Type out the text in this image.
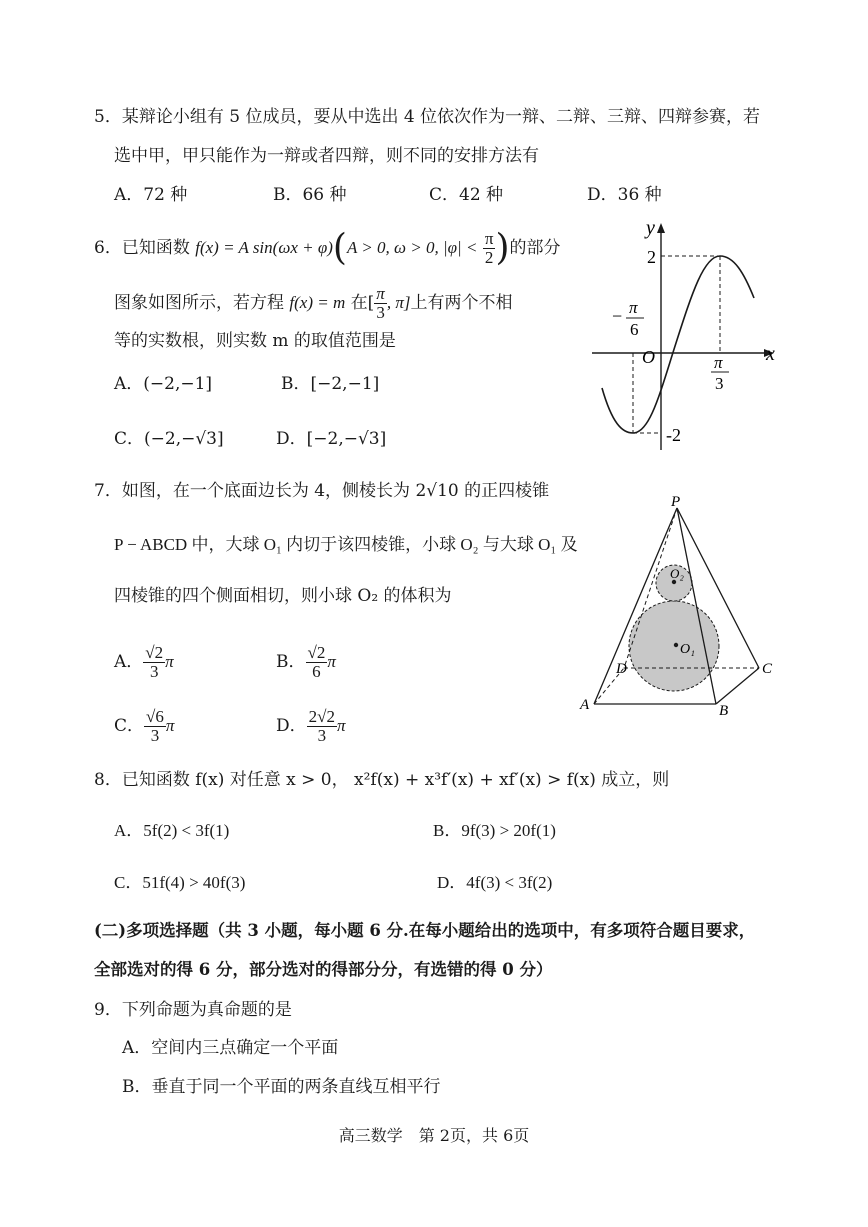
5．某辩论小组有 5 位成员，要从中选出 4 位依次作为一辩、二辩、三辩、四辩参赛，若
选中甲，甲只能作为一辩或者四辩，则不同的安排方法有
A．72 种	B．66 种	C．42 种	D．36 种
6．已知函数 f(x) = A sin(ωx + φ)(A > 0, ω > 0, $|\varphi| < \frac{\pi}{2}$ )的部分
图象如图所示，若方程 f(x) = m 在[ $\frac{\pi}{3}$ , π]上有两个不相
等的实数根，则实数 m 的取值范围是
A．(−2,−1]	B．[−2,−1]
C．(−2,−√3]	D．[−2,−√3]
y
x
O
2
-2
− π
6
π
3
7．如图，在一个底面边长为 4，侧棱长为 2√10 的正四棱锥
P − ABCD 中，大球 O₁ 内切于该四棱锥，小球 O₂ 与大球 O₁ 及
四棱锥的四个侧面相切，则小球 O₂ 的体积为
A． $\frac{√2}{3}$ π	B． $\frac{√2}{6}$ π
C． $\frac{√6}{3}$ π	D． $\frac{2√2}{3}$ π
P
A	B
C
D
O₁
O₂
8．已知函数 f(x) 对任意 x > 0， x²f(x) + x³f′(x) + xf′(x) > f(x) 成立，则
A．5f(2) < 3f(1)	B．9f(3) > 20f(1)
C．51f(4) > 40f(3)	D．4f(3) < 3f(2)
(二)多项选择题（共 3 小题，每小题 6 分.在每小题给出的选项中，有多项符合题目要求，
全部选对的得 6 分，部分选对的得部分分，有选错的得 0 分）
9．下列命题为真命题的是
A．空间内三点确定一个平面
B．垂直于同一个平面的两条直线互相平行
高三数学　第 2页，共 6页
